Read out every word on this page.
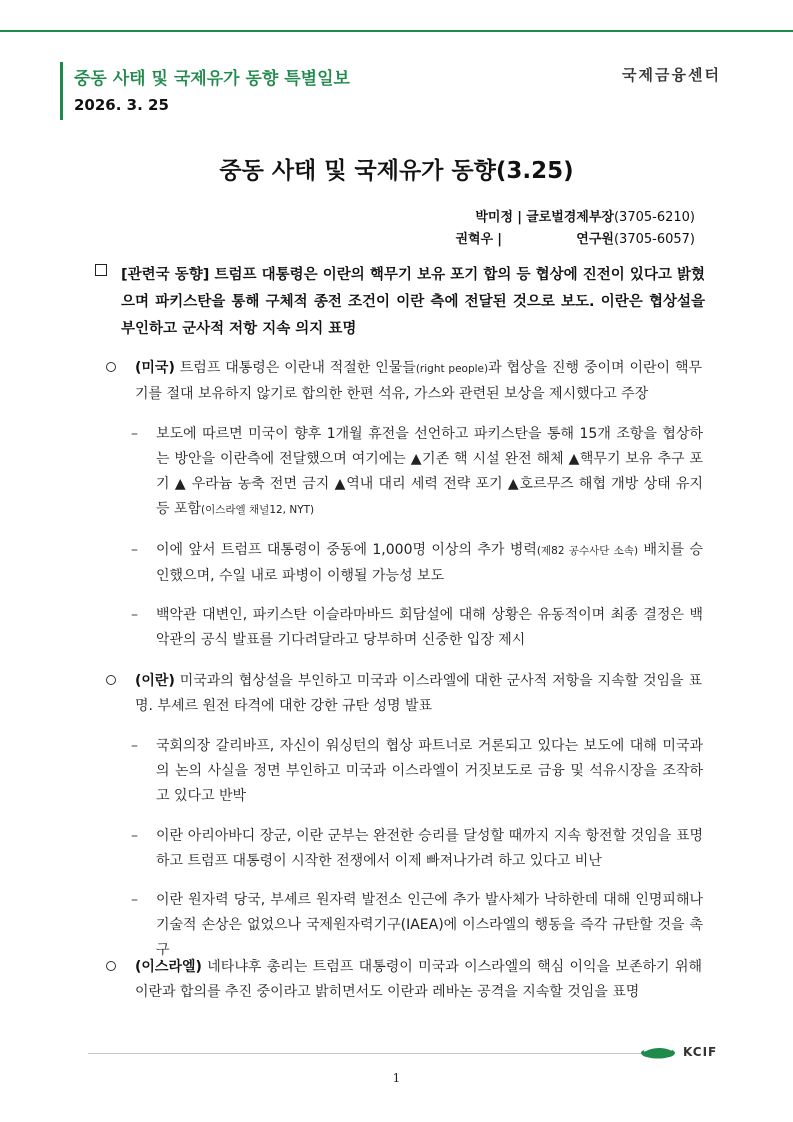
중동 사태 및 국제유가 동향 특별일보
2026. 3. 25
국제금융센터
중동 사태 및 국제유가 동향(3.25)
박미정 | 글로벌경제부장(3705-6210)
권혁우 |	연구원(3705-6057)
[관련국 동향] 트럼프 대통령은 이란의 핵무기 보유 포기 합의 등 협상에 진전이 있다고 밝혔으며 파키스탄을 통해 구체적 종전 조건이 이란 측에 전달된 것으로 보도. 이란은 협상설을 부인하고 군사적 저항 지속 의지 표명
(미국) 트럼프 대통령은 이란내 적절한 인물들(right people)과 협상을 진행 중이며 이란이 핵무기를 절대 보유하지 않기로 합의한 한편 석유, 가스와 관련된 보상을 제시했다고 주장
– 보도에 따르면 미국이 향후 1개월 휴전을 선언하고 파키스탄을 통해 15개 조항을 협상하는 방안을 이란측에 전달했으며 여기에는 ▲기존 핵 시설 완전 해체 ▲핵무기 보유 추구 포기 ▲ 우라늄 농축 전면 금지 ▲역내 대리 세력 전략 포기 ▲호르무즈 해협 개방 상태 유지 등 포함(이스라엘 채널12, NYT)
– 이에 앞서 트럼프 대통령이 중동에 1,000명 이상의 추가 병력(제82 공수사단 소속) 배치를 승인했으며, 수일 내로 파병이 이행될 가능성 보도
– 백악관 대변인, 파키스탄 이슬라마바드 회담설에 대해 상황은 유동적이며 최종 결정은 백악관의 공식 발표를 기다려달라고 당부하며 신중한 입장 제시
(이란) 미국과의 협상설을 부인하고 미국과 이스라엘에 대한 군사적 저항을 지속할 것임을 표명. 부셰르 원전 타격에 대한 강한 규탄 성명 발표
– 국회의장 갈리바프, 자신이 워싱턴의 협상 파트너로 거론되고 있다는 보도에 대해 미국과의 논의 사실을 정면 부인하고 미국과 이스라엘이 거짓보도로 금융 및 석유시장을 조작하고 있다고 반박
– 이란 아리아바디 장군, 이란 군부는 완전한 승리를 달성할 때까지 지속 항전할 것임을 표명하고 트럼프 대통령이 시작한 전쟁에서 이제 빠져나가려 하고 있다고 비난
– 이란 원자력 당국, 부셰르 원자력 발전소 인근에 추가 발사체가 낙하한데 대해 인명피해나 기술적 손상은 없었으나 국제원자력기구(IAEA)에 이스라엘의 행동을 즉각 규탄할 것을 촉구
(이스라엘) 네타냐후 총리는 트럼프 대통령이 미국과 이스라엘의 핵심 이익을 보존하기 위해 이란과 합의를 추진 중이라고 밝히면서도 이란과 레바논 공격을 지속할 것임을 표명
KCIF
1
